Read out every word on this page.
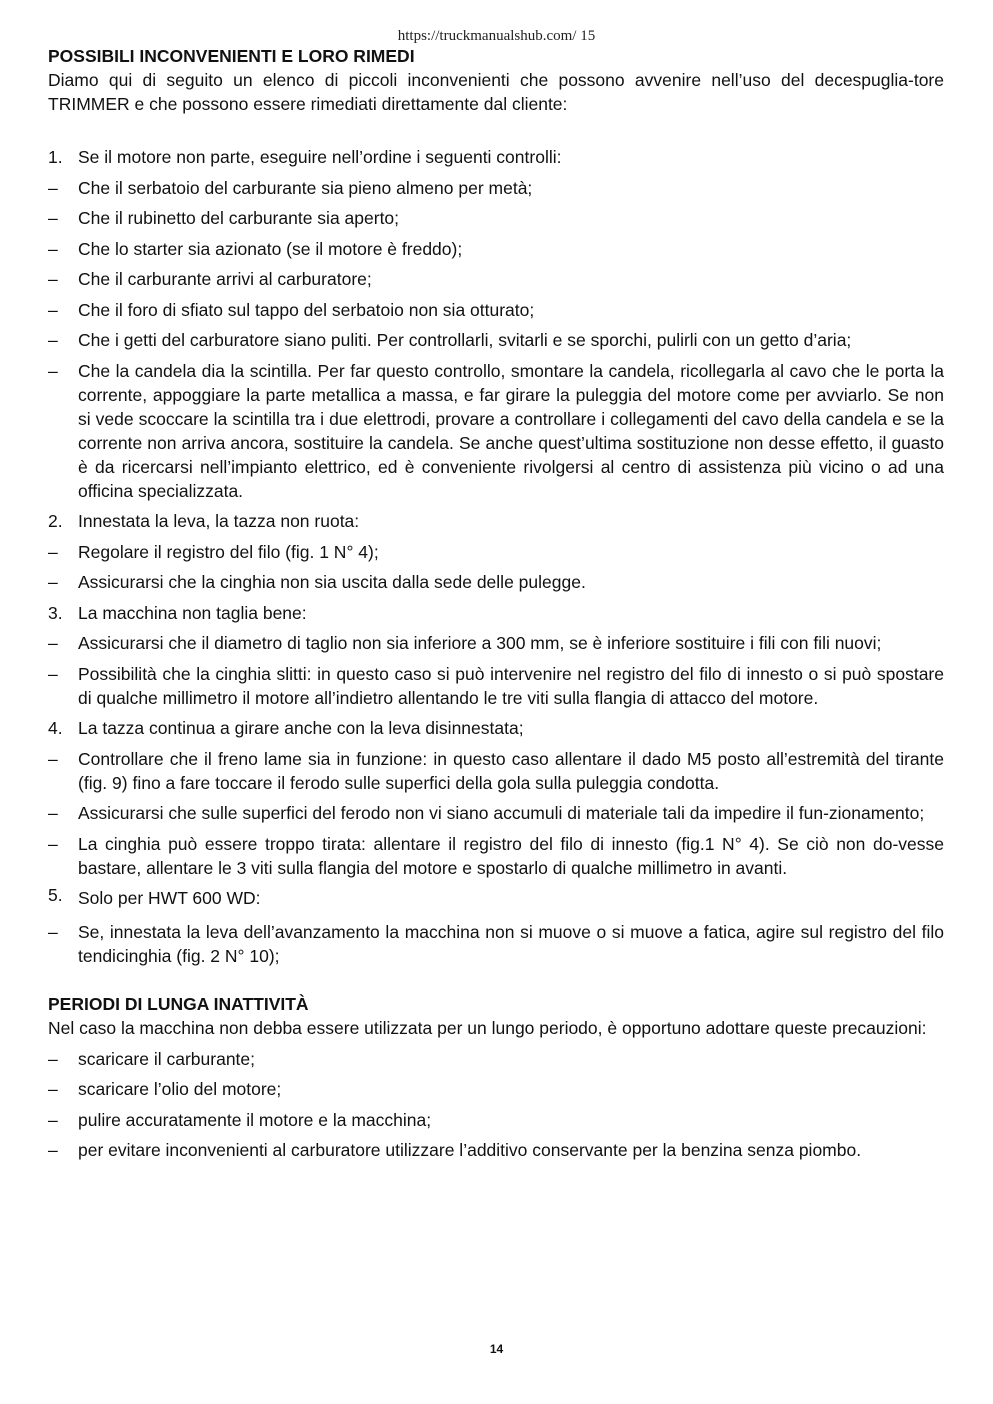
https://truckmanualshub.com/ 15
POSSIBILI INCONVENIENTI E LORO RIMEDI

Diamo qui di seguito un elenco di piccoli inconvenienti che possono avvenire nell’uso del decespuglia-tore TRIMMER e che possono essere rimediati direttamente dal cliente:

1. Se il motore non parte, eseguire nell’ordine i seguenti controlli:
–	Che il serbatoio del carburante sia pieno almeno per metà;
–	Che il rubinetto del carburante sia aperto;
–	Che lo starter sia azionato (se il motore è freddo);
–	Che il carburante arrivi al carburatore;
–	Che il foro di sfiato sul tappo del serbatoio non sia otturato;
–	Che i getti del carburatore siano puliti. Per controllarli, svitarli e se sporchi, pulirli con un getto d’aria;
–	Che la candela dia la scintilla. Per far questo controllo, smontare la candela, ricollegarla al cavo che le porta la corrente, appoggiare la parte metallica a massa, e far girare la puleggia del motore come per avviarlo. Se non si vede scoccare la scintilla tra i due elettrodi, provare a controllare i collegamenti del cavo della candela e se la corrente non arriva ancora, sostituire la candela. Se anche quest’ultima sostituzione non desse effetto, il guasto è da ricercarsi nell’impianto elettrico, ed è conveniente rivolgersi al centro di assistenza più vicino o ad una officina specializzata.
2. Innestata la leva, la tazza non ruota:
–	Regolare il registro del filo (fig. 1 N° 4);
–	Assicurarsi che la cinghia non sia uscita dalla sede delle pulegge.
3. La macchina non taglia bene:
–	Assicurarsi che il diametro di taglio non sia inferiore a 300 mm, se è inferiore sostituire i fili con fili nuovi;
–	Possibilità che la cinghia slitti: in questo caso si può intervenire nel registro del filo di innesto o si può spostare di qualche millimetro il motore all’indietro allentando le tre viti sulla flangia di attacco del motore.
4. La tazza continua a girare anche con la leva disinnestata;
–	Controllare che il freno lame sia in funzione: in questo caso allentare il dado M5 posto all’estremità del tirante (fig. 9) fino a fare toccare il ferodo sulle superfici della gola sulla puleggia condotta.
–	Assicurarsi che sulle superfici del ferodo non vi siano accumuli di materiale tali da impedire il fun-zionamento;
–	La cinghia può essere troppo tirata: allentare il registro del filo di innesto (fig.1 N° 4). Se ciò non do-vesse bastare, allentare le 3 viti sulla flangia del motore e spostarlo di qualche millimetro in avanti.
5. Solo per HWT 600 WD:
–	Se, innestata la leva dell’avanzamento la macchina non si muove o si muove a fatica, agire sul registro del filo tendicinghia (fig. 2 N° 10);
PERIODI DI LUNGA INATTIVITÀ

Nel caso la macchina non debba essere utilizzata per un lungo periodo, è opportuno adottare queste precauzioni:

–	scaricare il carburante;
–	scaricare l’olio del motore;
–	pulire accuratamente il motore e la macchina;
–	per evitare inconvenienti al carburatore utilizzare l’additivo conservante per la benzina senza piombo.
14
